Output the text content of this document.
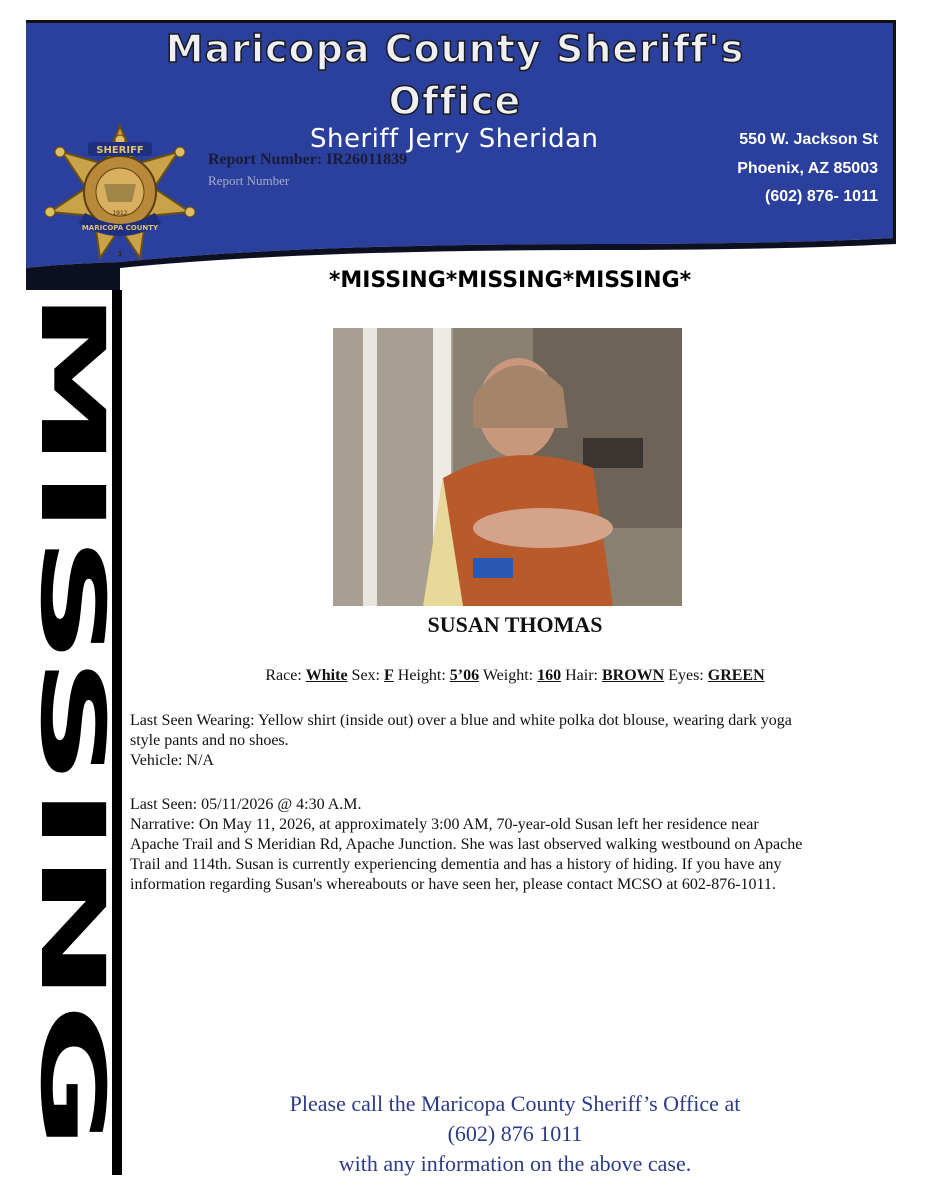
Maricopa County Sheriff's
Office
Sheriff Jerry Sheridan
Report Number: IR26011839
Report Number
550 W. Jackson St
Phoenix, AZ 85003
(602) 876- 1011
SHERIFF
MARICOPA COUNTY
1912
1
MISSING
*MISSING*MISSING*MISSING*
SUSAN THOMAS
Race: White Sex: F Height: 5’06 Weight: 160 Hair: BROWN Eyes: GREEN
Last Seen Wearing: Yellow shirt (inside out) over a blue and white polka dot blouse, wearing dark yoga
style pants and no shoes.
Vehicle: N/A
Last Seen: 05/11/2026 @ 4:30 A.M.
Narrative: On May 11, 2026, at approximately 3:00 AM, 70-year-old Susan left her residence near
Apache Trail and S Meridian Rd, Apache Junction. She was last observed walking westbound on Apache
Trail and 114th. Susan is currently experiencing dementia and has a history of hiding. If you have any
information regarding Susan's whereabouts or have seen her, please contact MCSO at 602-876-1011.
Please call the Maricopa County Sheriff’s Office at
(602) 876 1011
with any information on the above case.
